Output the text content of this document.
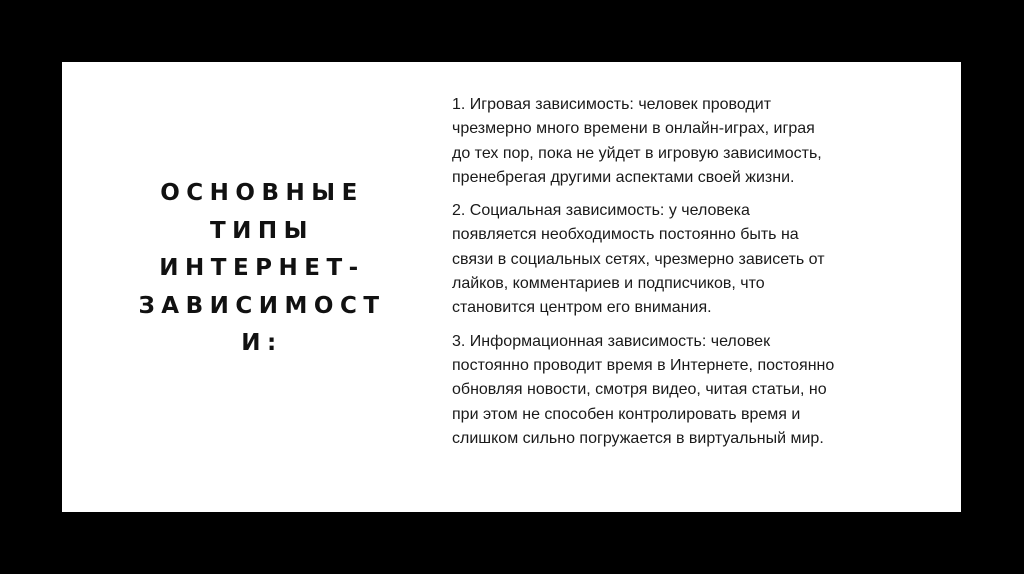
ОСНОВНЫЕ
ТИПЫ
ИНТЕРНЕТ-
ЗАВИСИМОСТ
И:
1. Игровая зависимость: человек проводит
чрезмерно много времени в онлайн-играх, играя
до тех пор, пока не уйдет в игровую зависимость,
пренебрегая другими аспектами своей жизни.
2. Социальная зависимость: у человека
появляется необходимость постоянно быть на
связи в социальных сетях, чрезмерно зависеть от
лайков, комментариев и подписчиков, что
становится центром его внимания.
3. Информационная зависимость: человек
постоянно проводит время в Интернете, постоянно
обновляя новости, смотря видео, читая статьи, но
при этом не способен контролировать время и
слишком сильно погружается в виртуальный мир.
